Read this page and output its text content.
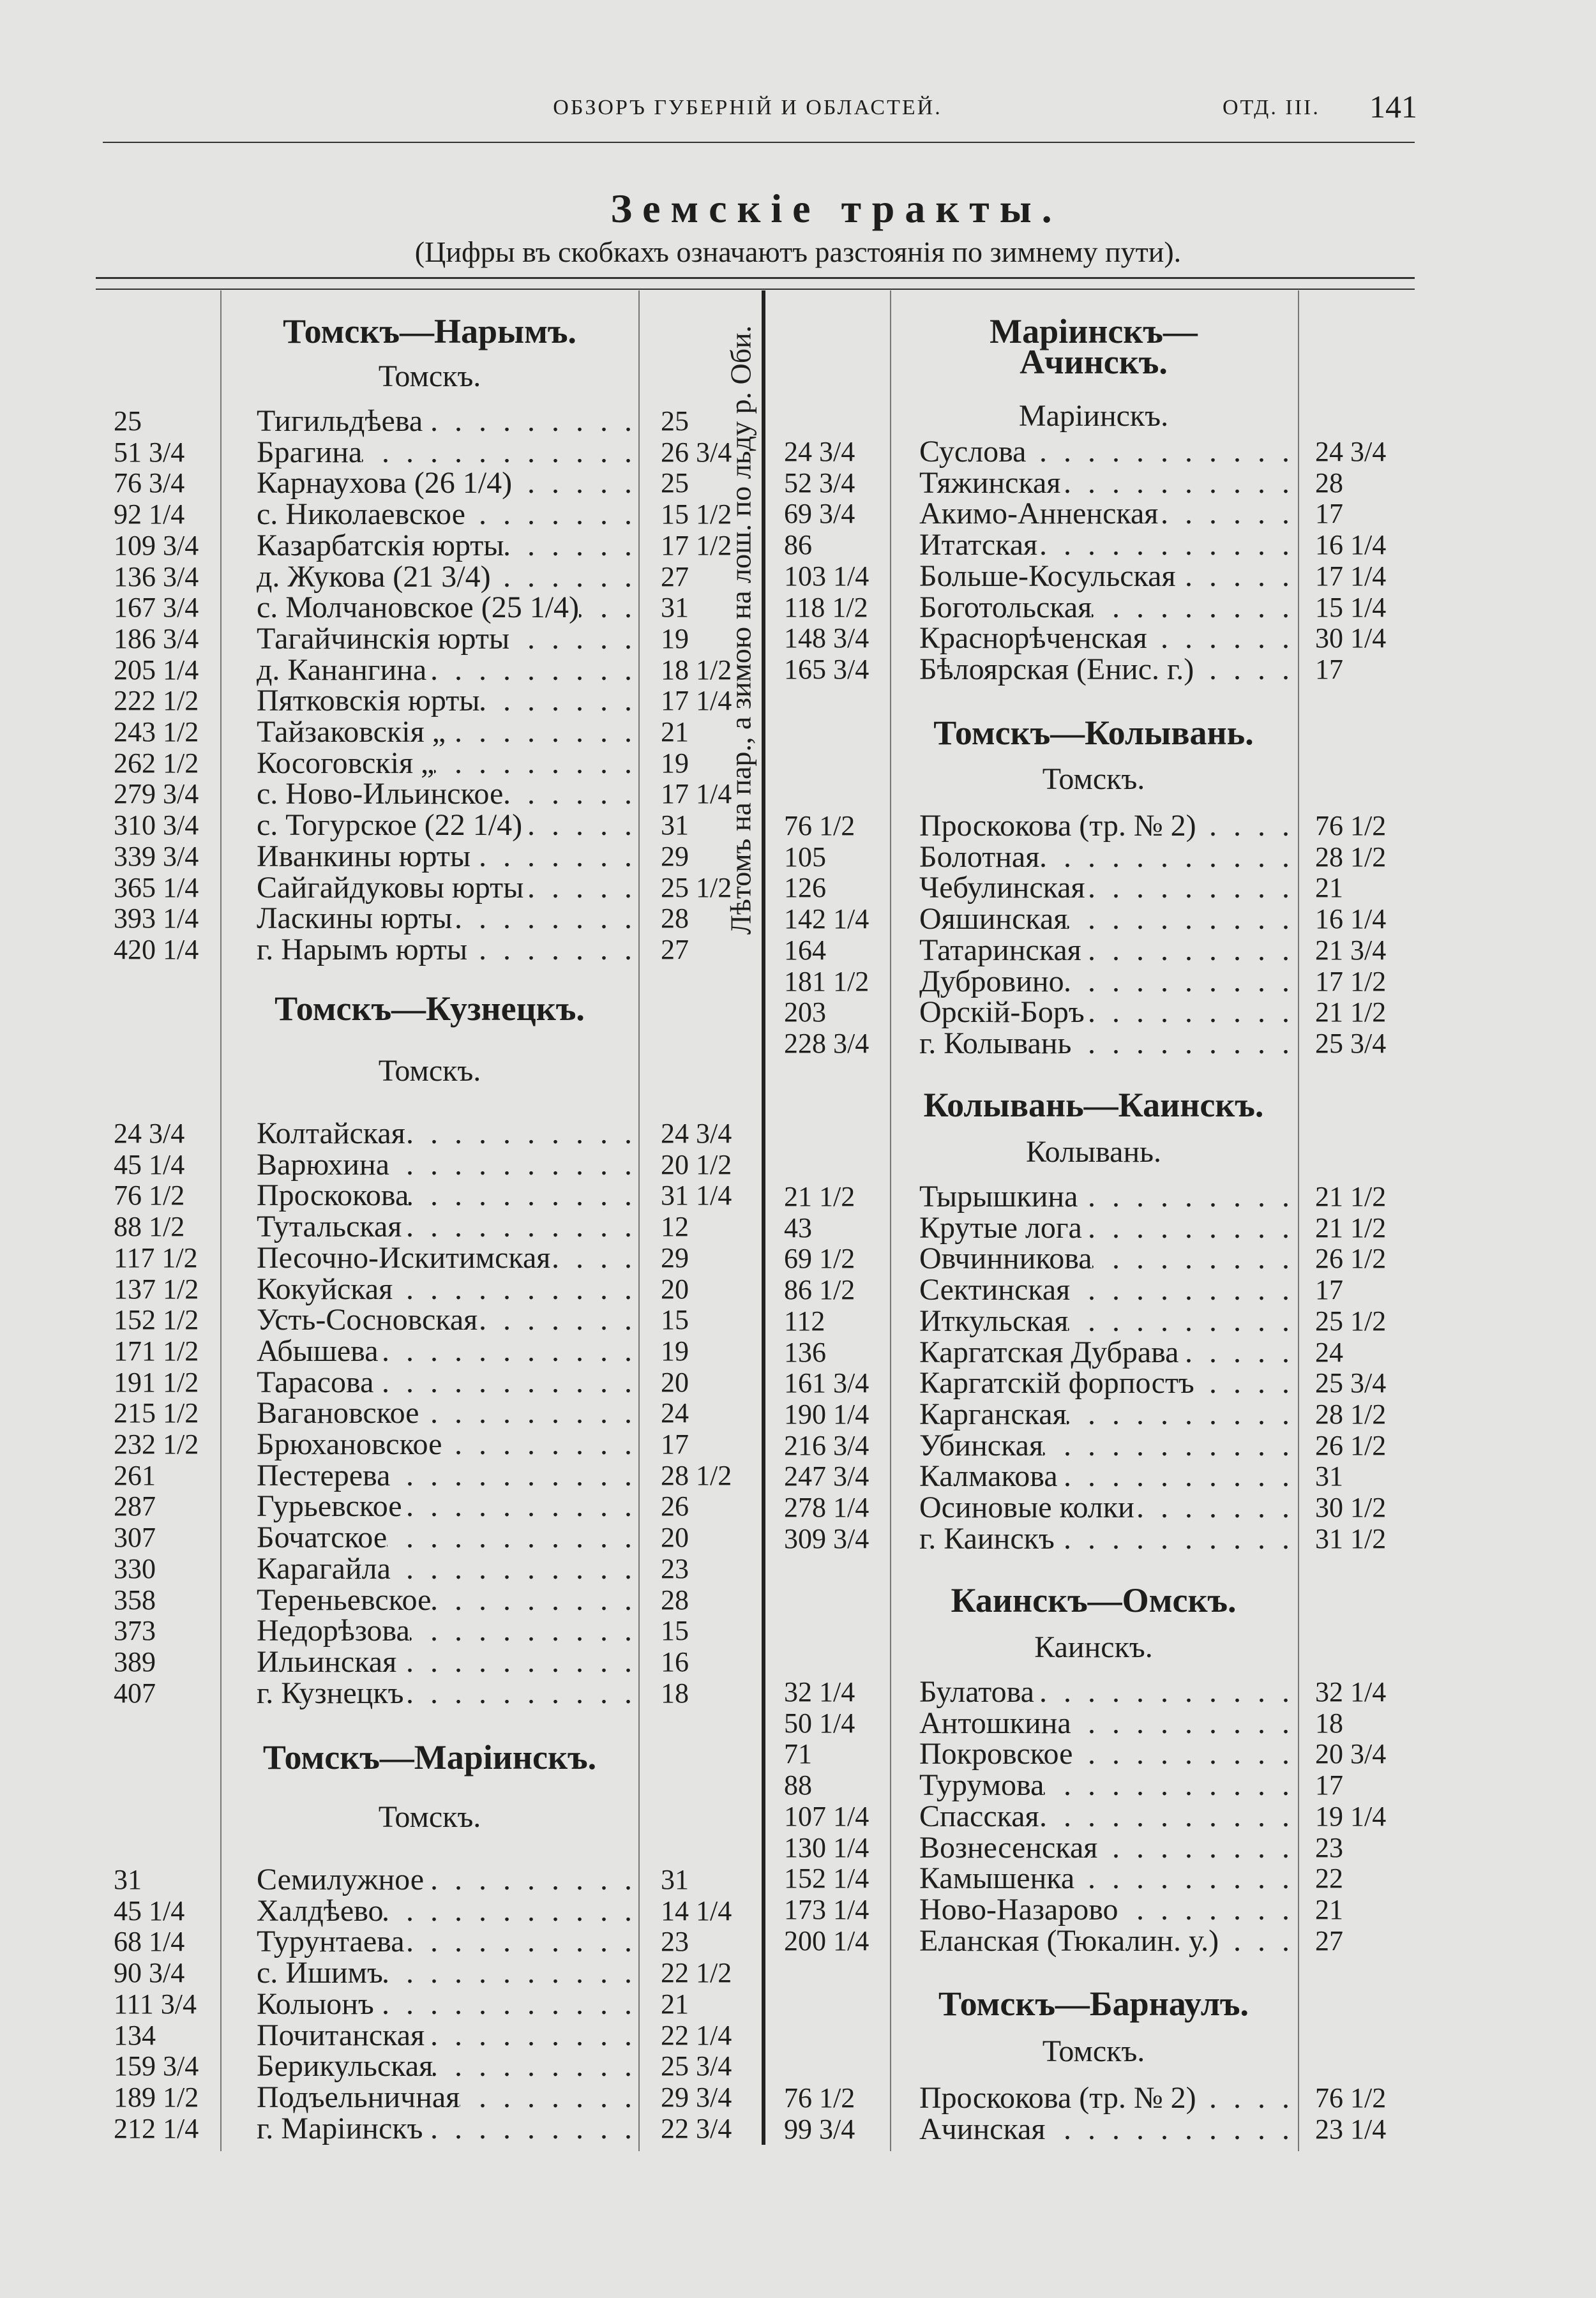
ОБЗОРЪ ГУБЕРНІЙ И ОБЛАСТЕЙ.	ОТД. III. 141
Земскіе тракты.
(Цифры въ скобкахъ означаютъ разстоянія по зимнему пути).
Лѣтомъ на пар., а зимою на лош. по льду р. Оби.
Томскъ—Нарымъ.
Томскъ.
25	Тигильдѣева . . .	25
51 3/4 Брагина . . .	26 3/4
76 3/4 Карнаухова (26 1/4) . . .	25
92 1/4 с. Николаевское . . .	15 1/2
109 3/4 Казарбатскія юрты . . .	17 1/2
136 3/4 д. Жукова (21 3/4) . . .	27
167 3/4 с. Молчановское (25 1/4) . . .	31
186 3/4 Тагайчинскія юрты . . .	19
205 1/4 д. Канангина . . .	18 1/2
222 1/2 Пятковскія юрты . . .	17 1/4
243 1/2 Тайзаковскія „ . . .	21
262 1/2 Косоговскія „ . . .	19
279 3/4 с. Ново-Ильинское . . .	17 1/4
310 3/4 с. Тогурское (22 1/4) . . .	31
339 3/4 Иванкины юрты . . .	29
365 1/4 Сайгайдуковы юрты . . .	25 1/2
393 1/4 Ласкины юрты . . .	28
420 1/4 г. Нарымъ юрты . . .	27
Томскъ—Кузнецкъ.
Томскъ.
24 3/4 Колтайская . . .	24 3/4
45 1/4 Варюхина . . .	20 1/2
76 1/2 Проскокова . . .	31 1/4
88 1/2 Тутальская . . .	12
117 1/2 Песочно-Искитимская . . .	29
137 1/2 Кокуйская . . .	20
152 1/2 Усть-Сосновская . . .	15
171 1/2 Абышева . . .	19
191 1/2 Тарасова . . .	20
215 1/2 Вагановское . . .	24
232 1/2 Брюхановское . . .	17
261	Пестерева . . .	28 1/2
287	Гурьевское . . .	26
307	Бочатское . . .	20
330	Карагайла . . .	23
358	Тереньевское . . .	28
373	Недорѣзова . . .	15
389	Ильинская . . .	16
407	г. Кузнецкъ . . .	18
Томскъ—Маріинскъ.
Томскъ.
31	Семилужное . . .	31
45 1/4 Халдѣево . . .	14 1/4
68 1/4 Турунтаева . . .	23
90 3/4 с. Ишимъ . . .	22 1/2
111 3/4 Колыонъ . . .	21
134	Почитанская . . .	22 1/4
159 3/4 Берикульская . . .	25 3/4
189 1/2 Подъельничная . . .	29 3/4
212 1/4 г. Маріинскъ . . .	22 3/4
Маріинскъ—
Ачинскъ.
Маріинскъ.
24 3/4 Суслова . . .	24 3/4
52 3/4 Тяжинская . . .	28
69 3/4 Акимо-Анненская . . .	17
86	Итатская . . .	16 1/4
103 1/4 Больше-Косульская . . .	17 1/4
118 1/2 Боготольская . . .	15 1/4
148 3/4 Краснорѣченская . . .	30 1/4
165 3/4 Бѣлоярская (Енис. г.) . . .	17
Томскъ—Колывань.
Томскъ.
76 1/2 Проскокова (тр. № 2) . . .	76 1/2
105	Болотная . . .	28 1/2
126	Чебулинская . . .	21
142 1/4 Ояшинская . . .	16 1/4
164	Татаринская . . .	21 3/4
181 1/2 Дубровино . . .	17 1/2
203	Орскій-Боръ . . .	21 1/2
228 3/4 г. Колывань . . .	25 3/4
Колывань—Каинскъ.
Колывань.
21 1/2 Тырышкина . . .	21 1/2
43	Крутые лога . . .	21 1/2
69 1/2 Овчинникова . . .	26 1/2
86 1/2 Сектинская . . .	17
112	Иткульская . . .	25 1/2
136	Каргатская Дубрава . . .	24
161 3/4 Каргатскій форпостъ . . .	25 3/4
190 1/4 Карганская . . .	28 1/2
216 3/4 Убинская . . .	26 1/2
247 3/4 Калмакова . . .	31
278 1/4 Осиновые колки . . .	30 1/2
309 3/4 г. Каинскъ . . .	31 1/2
Каинскъ—Омскъ.
Каинскъ.
32 1/4 Булатова . . .	32 1/4
50 1/4 Антошкина . . .	18
71	Покровское . . .	20 3/4
88	Турумова . . .	17
107 1/4 Спасская . . .	19 1/4
130 1/4 Вознесенская . . .	23
152 1/4 Камышенка . . .	22
173 1/4 Ново-Назарово . . .	21
200 1/4 Еланская (Тюкалин. у.) . . .	27
Томскъ—Барнаулъ.
Томскъ.
76 1/2 Проскокова (тр. № 2) . . .	76 1/2
99 3/4 Ачинская . . .	23 1/4
